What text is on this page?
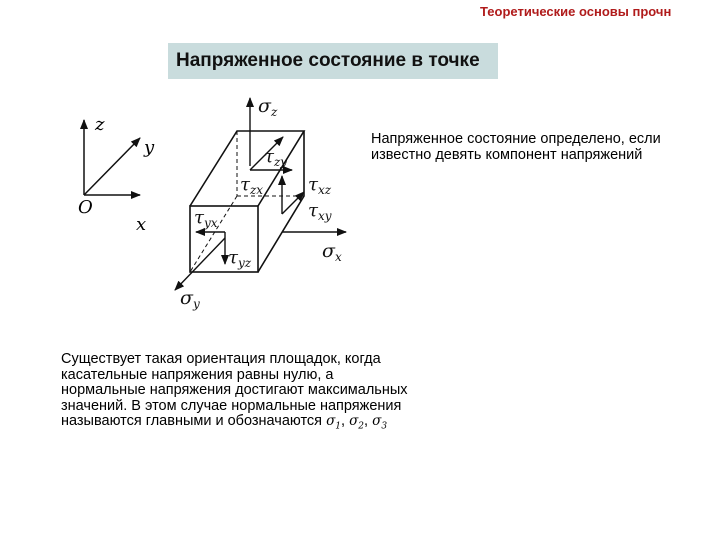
Теоретические основы прочн
Напряженное состояние в точке
Напряженное состояние определено, если известно девять компонент напряжений
Существует такая ориентация площадок, когда касательные напряжения равны нулю, а нормальные напряжения достигают максимальных значений. В этом случае нормальные напряжения называются главными и обозначаются $\sigma_1$, $\sigma_2$, $\sigma_3$
z
y
x
O
$\sigma_z$
$\tau_{zy}$
$\tau_{zx}$ $\tau_{xz}$
$\tau_{xy}$
$\tau_{yx}$
$\tau_{yz}$
$\sigma_x$
$\sigma_y$
